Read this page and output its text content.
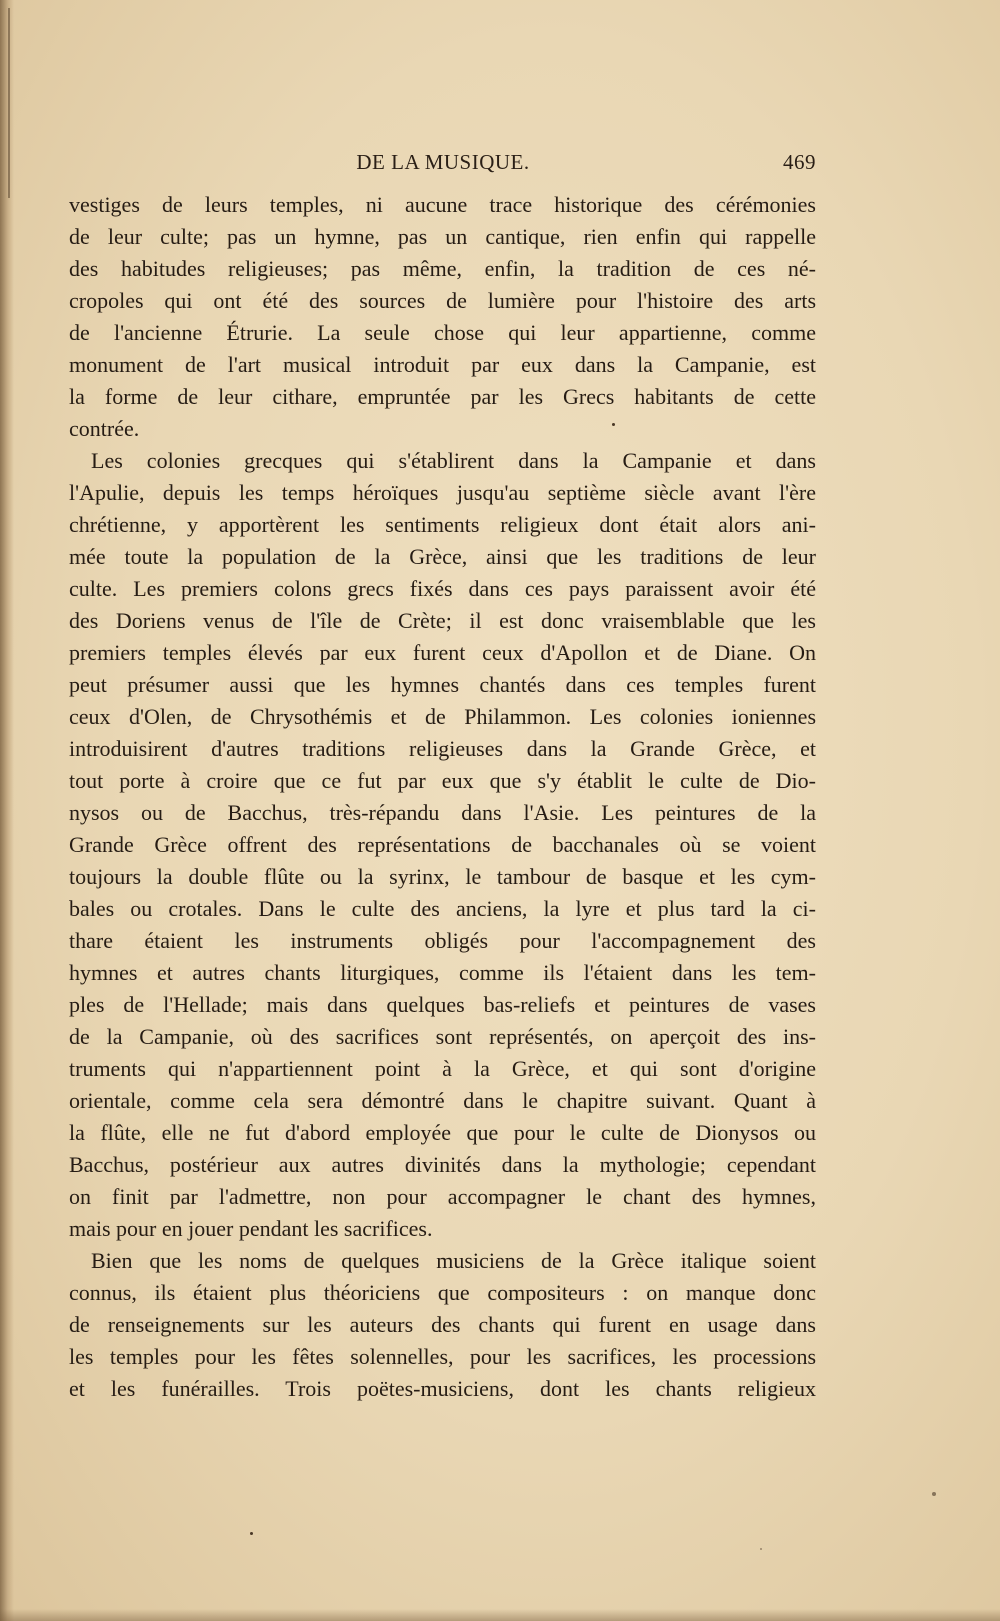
DE LA MUSIQUE.	469
vestiges de leurs temples, ni aucune trace historique des cérémonies
de leur culte; pas un hymne, pas un cantique, rien enfin qui rappelle
des habitudes religieuses; pas même, enfin, la tradition de ces né-
cropoles qui ont été des sources de lumière pour l'histoire des arts
de l'ancienne Étrurie. La seule chose qui leur appartienne, comme
monument de l'art musical introduit par eux dans la Campanie, est
la forme de leur cithare, empruntée par les Grecs habitants de cette
contrée.
Les colonies grecques qui s'établirent dans la Campanie et dans
l'Apulie, depuis les temps héroïques jusqu'au septième siècle avant l'ère
chrétienne, y apportèrent les sentiments religieux dont était alors ani-
mée toute la population de la Grèce, ainsi que les traditions de leur
culte. Les premiers colons grecs fixés dans ces pays paraissent avoir été
des Doriens venus de l'île de Crète; il est donc vraisemblable que les
premiers temples élevés par eux furent ceux d'Apollon et de Diane. On
peut présumer aussi que les hymnes chantés dans ces temples furent
ceux d'Olen, de Chrysothémis et de Philammon. Les colonies ioniennes
introduisirent d'autres traditions religieuses dans la Grande Grèce, et
tout porte à croire que ce fut par eux que s'y établit le culte de Dio-
nysos ou de Bacchus, très-répandu dans l'Asie. Les peintures de la
Grande Grèce offrent des représentations de bacchanales où se voient
toujours la double flûte ou la syrinx, le tambour de basque et les cym-
bales ou crotales. Dans le culte des anciens, la lyre et plus tard la ci-
thare étaient les instruments obligés pour l'accompagnement des
hymnes et autres chants liturgiques, comme ils l'étaient dans les tem-
ples de l'Hellade; mais dans quelques bas-reliefs et peintures de vases
de la Campanie, où des sacrifices sont représentés, on aperçoit des ins-
truments qui n'appartiennent point à la Grèce, et qui sont d'origine
orientale, comme cela sera démontré dans le chapitre suivant. Quant à
la flûte, elle ne fut d'abord employée que pour le culte de Dionysos ou
Bacchus, postérieur aux autres divinités dans la mythologie; cependant
on finit par l'admettre, non pour accompagner le chant des hymnes,
mais pour en jouer pendant les sacrifices.
Bien que les noms de quelques musiciens de la Grèce italique soient
connus, ils étaient plus théoriciens que compositeurs : on manque donc
de renseignements sur les auteurs des chants qui furent en usage dans
les temples pour les fêtes solennelles, pour les sacrifices, les processions
et les funérailles. Trois poëtes-musiciens, dont les chants religieux
